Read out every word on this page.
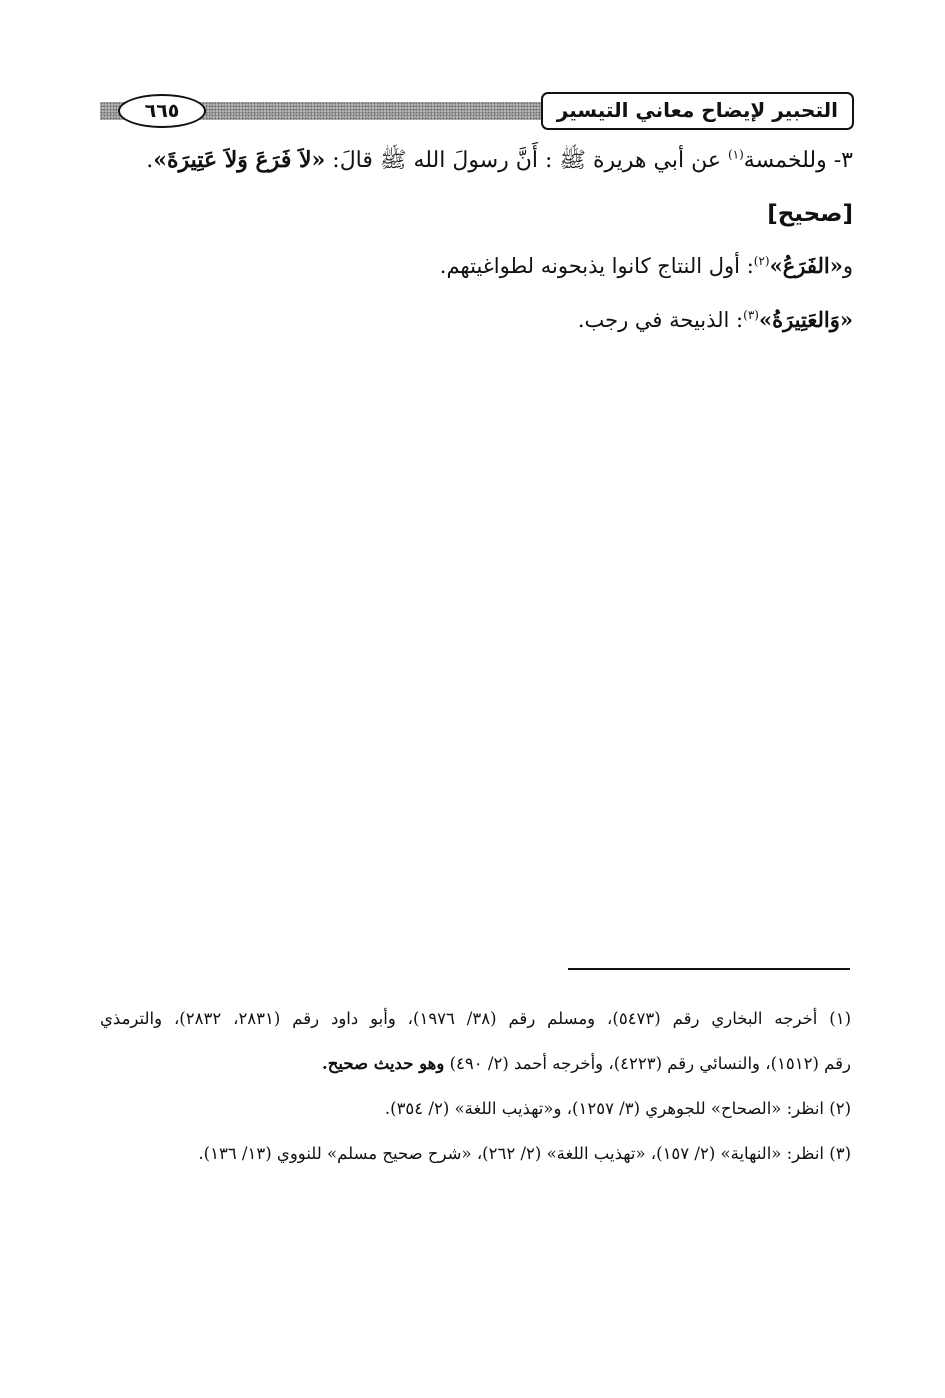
٦٦٥	التحبير لإيضاح معاني التيسير
٣- وللخمسة$^{(١)}$ عن أبي هريرة ﷺ : أَنَّ رسولَ الله ﷺ قالَ: «لاَ فَرَعَ وَلاَ عَتِيرَةَ».
[صحيح]
و«الفَرَعُ»$^{(٢)}$: أول النتاج كانوا يذبحونه لطواغيتهم.
«وَالعَتِيرَةُ»$^{(٣)}$: الذبيحة في رجب.
(١) أخرجه البخاري رقم (٥٤٧٣)، ومسلم رقم (٣٨/ ١٩٧٦)، وأبو داود رقم (٢٨٣١، ٢٨٣٢)، والترمذي
رقم (١٥١٢)، والنسائي رقم (٤٢٢٣)، وأخرجه أحمد (٢/ ٤٩٠) وهو حديث صحيح.
(٢) انظر: «الصحاح» للجوهري (٣/ ١٢٥٧)، و«تهذيب اللغة» (٢/ ٣٥٤).
(٣) انظر: «النهاية» (٢/ ١٥٧)، «تهذيب اللغة» (٢/ ٢٦٢)، «شرح صحيح مسلم» للنووي (١٣/ ١٣٦).
